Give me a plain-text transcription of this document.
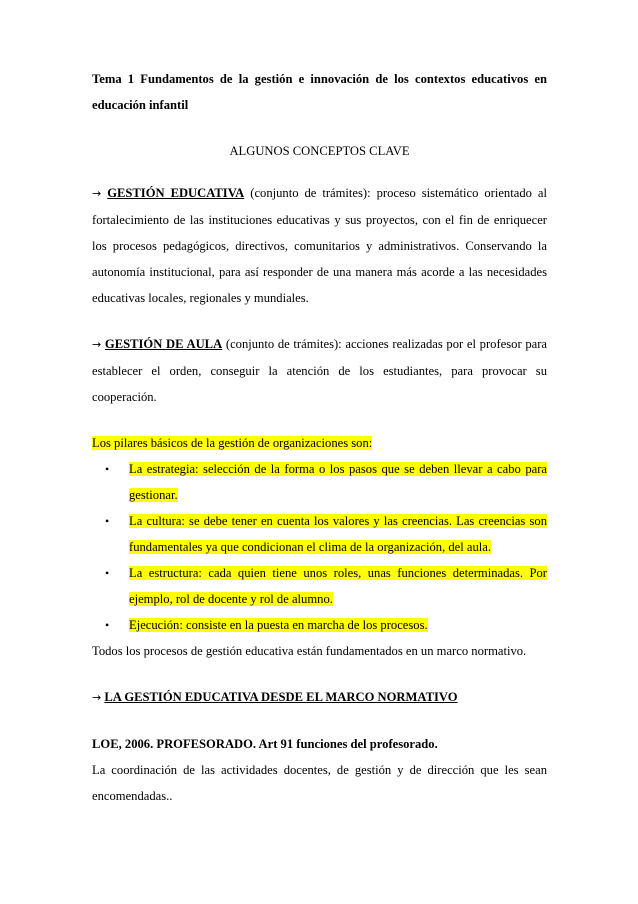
Tema 1 Fundamentos de la gestión e innovación de los contextos educativos en educación infantil

ALGUNOS CONCEPTOS CLAVE

→ GESTIÓN EDUCATIVA (conjunto de trámites): proceso sistemático orientado al fortalecimiento de las instituciones educativas y sus proyectos, con el fin de enriquecer los procesos pedagógicos, directivos, comunitarios y administrativos. Conservando la autonomía institucional, para así responder de una manera más acorde a las necesidades educativas locales, regionales y mundiales.

→ GESTIÓN DE AULA (conjunto de trámites): acciones realizadas por el profesor para establecer el orden, conseguir la atención de los estudiantes, para provocar su cooperación.

Los pilares básicos de la gestión de organizaciones son:

• La estrategia: selección de la forma o los pasos que se deben llevar a cabo para gestionar.
• La cultura: se debe tener en cuenta los valores y las creencias. Las creencias son fundamentales ya que condicionan el clima de la organización, del aula.
• La estructura: cada quien tiene unos roles, unas funciones determinadas. Por ejemplo, rol de docente y rol de alumno.
• Ejecución: consiste en la puesta en marcha de los procesos.

Todos los procesos de gestión educativa están fundamentados en un marco normativo.

→ LA GESTIÓN EDUCATIVA DESDE EL MARCO NORMATIVO

LOE, 2006. PROFESORADO. Art 91 funciones del profesorado.

La coordinación de las actividades docentes, de gestión y de dirección que les sean encomendadas..
